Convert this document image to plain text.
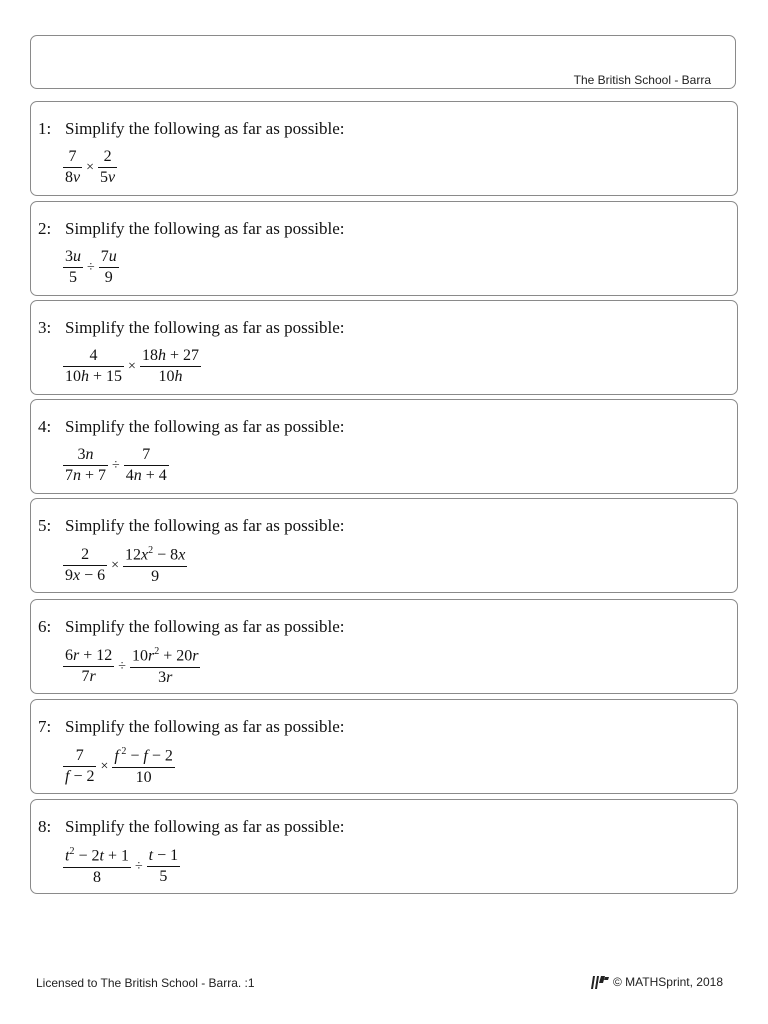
The British School - Barra
1: Simplify the following as far as possible:
$\frac{7}{8v} \times \frac{2}{5v}$
2: Simplify the following as far as possible:
$\frac{3u}{5} \div \frac{7u}{9}$
3: Simplify the following as far as possible:
$\frac{4}{10h + 15} \times \frac{18h + 27}{10h}$
4: Simplify the following as far as possible:
$\frac{3n}{7n + 7} \div \frac{7}{4n + 4}$
5: Simplify the following as far as possible:
$\frac{2}{9x - 6} \times \frac{12x^2 - 8x}{9}$
6: Simplify the following as far as possible:
$\frac{6r + 12}{7r} \div \frac{10r^2 + 20r}{3r}$
7: Simplify the following as far as possible:
$\frac{7}{f - 2} \times \frac{f ^2 - f - 2}{10}$
8: Simplify the following as far as possible:
$\frac{t^2 - 2t + 1}{8} \div \frac{t - 1}{5}$
Licensed to The British School - Barra. :1	© MATHSprint, 2018
